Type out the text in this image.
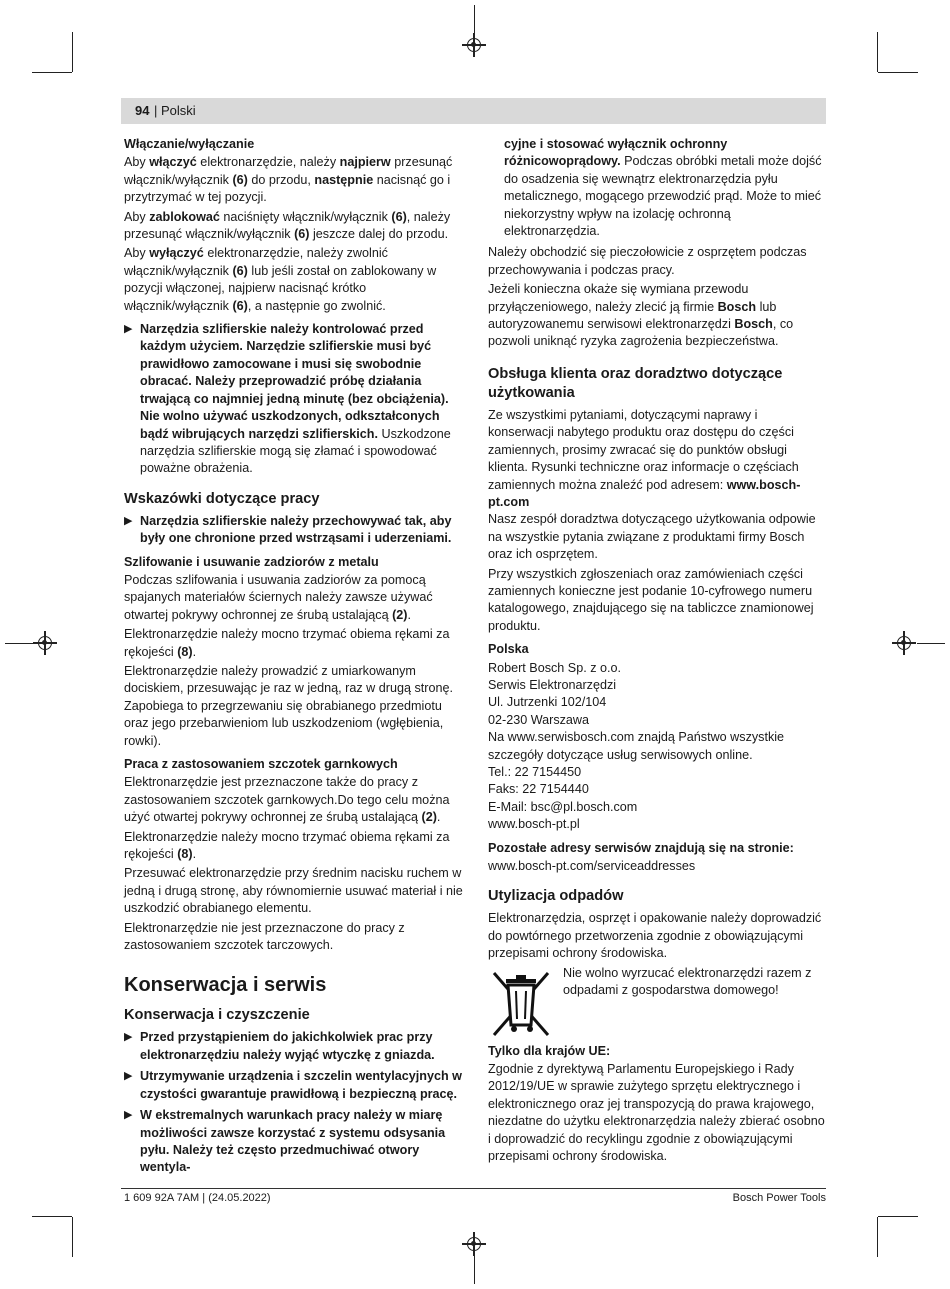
94 | Polski

Włączanie/wyłączanie

Aby włączyć elektronarzędzie, należy najpierw przesunąć włącznik/wyłącznik (6) do przodu, następnie nacisnąć go i przytrzymać w tej pozycji.

Aby zablokować naciśnięty włącznik/wyłącznik (6), należy przesunąć włącznik/wyłącznik (6) jeszcze dalej do przodu.

Aby wyłączyć elektronarzędzie, należy zwolnić włącznik/wyłącznik (6) lub jeśli został on zablokowany w pozycji włączonej, najpierw nacisnąć krótko włącznik/wyłącznik (6), a następnie go zwolnić.

▶ Narzędzia szlifierskie należy kontrolować przed każdym użyciem. Narzędzie szlifierskie musi być prawidłowo zamocowane i musi się swobodnie obracać. Należy przeprowadzić próbę działania trwającą co najmniej jedną minutę (bez obciążenia). Nie wolno używać uszkodzonych, odkształconych bądź wibrujących narzędzi szlifierskich. Uszkodzone narzędzia szlifierskie mogą się złamać i spowodować poważne obrażenia.

Wskazówki dotyczące pracy

▶ Narzędzia szlifierskie należy przechowywać tak, aby były one chronione przed wstrząsami i uderzeniami.

Szlifowanie i usuwanie zadziorów z metalu

Podczas szlifowania i usuwania zadziorów za pomocą spajanych materiałów ściernych należy zawsze używać otwartej pokrywy ochronnej ze śrubą ustalającą (2).

Elektronarzędzie należy mocno trzymać obiema rękami za rękojeści (8).

Elektronarzędzie należy prowadzić z umiarkowanym dociskiem, przesuwając je raz w jedną, raz w drugą stronę. Zapobiega to przegrzewaniu się obrabianego przedmiotu oraz jego przebarwieniom lub uszkodzeniom (wgłębienia, rowki).

Praca z zastosowaniem szczotek garnkowych

Elektronarzędzie jest przeznaczone także do pracy z zastosowaniem szczotek garnkowych.Do tego celu można użyć otwartej pokrywy ochronnej ze śrubą ustalającą (2).

Elektronarzędzie należy mocno trzymać obiema rękami za rękojeści (8).

Przesuwać elektronarzędzie przy średnim nacisku ruchem w jedną i drugą stronę, aby równomiernie usuwać materiał i nie uszkodzić obrabianego elementu.

Elektronarzędzie nie jest przeznaczone do pracy z zastosowaniem szczotek tarczowych.

Konserwacja i serwis

Konserwacja i czyszczenie

▶ Przed przystąpieniem do jakichkolwiek prac przy elektronarzędziu należy wyjąć wtyczkę z gniazda.
▶ Utrzymywanie urządzenia i szczelin wentylacyjnych w czystości gwarantuje prawidłową i bezpieczną pracę.
▶ W ekstremalnych warunkach pracy należy w miarę możliwości zawsze korzystać z systemu odsysania pyłu. Należy też często przedmuchiwać otwory wentyla-
cyjne i stosować wyłącznik ochronny różnicowoprądowy. Podczas obróbki metali może dojść do osadzenia się wewnątrz elektronarzędzia pyłu metalicznego, mogącego przewodzić prąd. Może to mieć niekorzystny wpływ na izolację ochronną elektronarzędzia.

Należy obchodzić się pieczołowicie z osprzętem podczas przechowywania i podczas pracy.

Jeżeli konieczna okaże się wymiana przewodu przyłączeniowego, należy zlecić ją firmie Bosch lub autoryzowanemu serwisowi elektronarzędzi Bosch, co pozwoli uniknąć ryzyka zagrożenia bezpieczeństwa.

Obsługa klienta oraz doradztwo dotyczące użytkowania

Ze wszystkimi pytaniami, dotyczącymi naprawy i konserwacji nabytego produktu oraz dostępu do części zamiennych, prosimy zwracać się do punktów obsługi klienta. Rysunki techniczne oraz informacje o częściach zamiennych można znaleźć pod adresem: www.bosch-pt.com

Nasz zespół doradztwa dotyczącego użytkowania odpowie na wszystkie pytania związane z produktami firmy Bosch oraz ich osprzętem.

Przy wszystkich zgłoszeniach oraz zamówieniach części zamiennych konieczne jest podanie 10-cyfrowego numeru katalogowego, znajdującego się na tabliczce znamionowej produktu.

Polska

Robert Bosch Sp. z o.o.

Serwis Elektronarzędzi

Ul. Jutrzenki 102/104

02-230 Warszawa

Na www.serwisbosch.com znajdą Państwo wszystkie szczegóły dotyczące usług serwisowych online.

Tel.: 22 7154450

Faks: 22 7154440

E-Mail: bsc@pl.bosch.com

www.bosch-pt.pl

Pozostałe adresy serwisów znajdują się na stronie:

www.bosch-pt.com/serviceaddresses

Utylizacja odpadów

Elektronarzędzia, osprzęt i opakowanie należy doprowadzić do powtórnego przetworzenia zgodnie z obowiązującymi przepisami ochrony środowiska.

Nie wolno wyrzucać elektronarzędzi razem z odpadami z gospodarstwa domowego!

Tylko dla krajów UE:

Zgodnie z dyrektywą Parlamentu Europejskiego i Rady 2012/19/UE w sprawie zużytego sprzętu elektrycznego i elektronicznego oraz jej transpozycją do prawa krajowego, niezdatne do użytku elektronarzędzia należy zbierać osobno i doprowadzić do recyklingu zgodnie z obowiązującymi przepisami ochrony środowiska.

1 609 92A 7AM | (24.05.2022)	Bosch Power Tools
